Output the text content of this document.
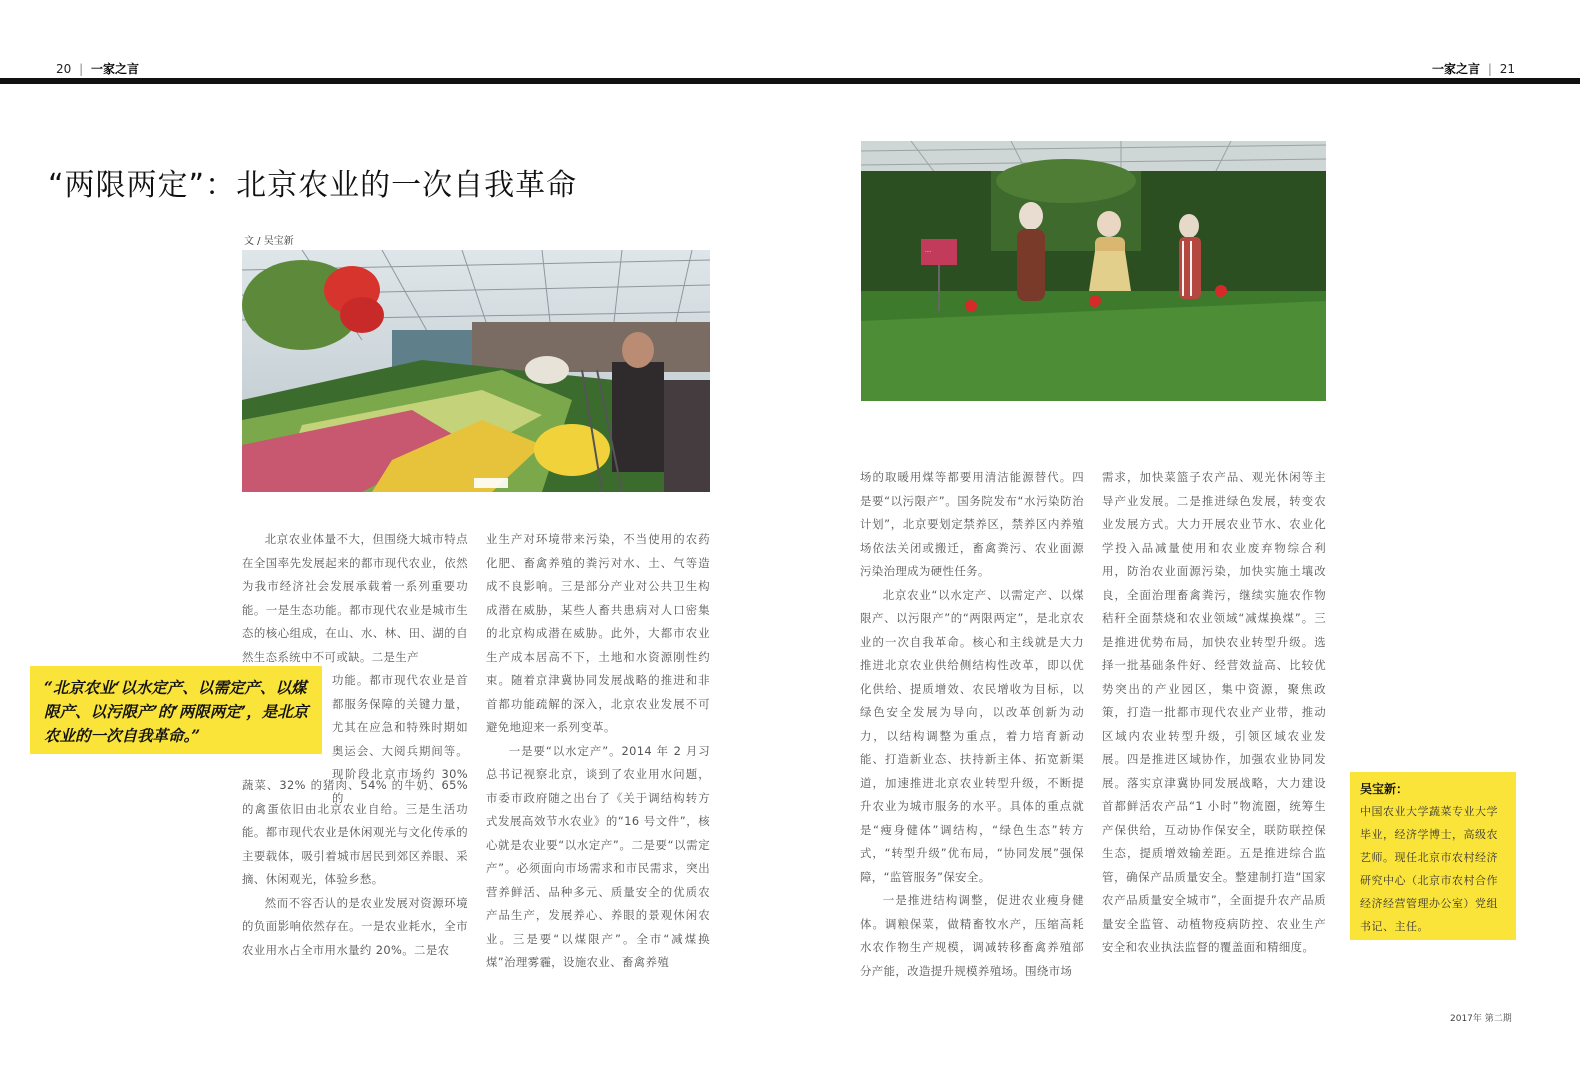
20 | 一家之言	一家之言 | 21
“两限两定”：北京农业的一次自我革命
文 / 吴宝新
····

北京农业体量不大，但围绕大城市特点在全国率先发展起来的都市现代农业，依然为我市经济社会发展承载着一系列重要功能。一是生态功能。都市现代农业是城市生态的核心组成，在山、水、林、田、湖的自然生态系统中不可或缺。二是生产

功能。都市现代农业是首都服务保障的关键力量，尤其在应急和特殊时期如奥运会、大阅兵期间等。现阶段北京市场约 30% 的
蔬菜、32% 的猪肉、54% 的牛奶、65% 的禽蛋依旧由北京农业自给。三是生活功能。都市现代农业是休闲观光与文化传承的主要载体，吸引着城市居民到郊区养眼、采摘、休闲观光，体验乡愁。

然而不容否认的是农业发展对资源环境的负面影响依然存在。一是农业耗水，全市农业用水占全市用水量约 20%。二是农

业生产对环境带来污染，不当使用的农药化肥、畜禽养殖的粪污对水、土、气等造成不良影响。三是部分产业对公共卫生构成潜在威胁，某些人畜共患病对人口密集的北京构成潜在威胁。此外，大都市农业生产成本居高不下，土地和水资源刚性约束。随着京津冀协同发展战略的推进和非首都功能疏解的深入，北京农业发展不可避免地迎来一系列变革。

一是要“以水定产”。2014 年 2 月习总书记视察北京，谈到了农业用水问题，市委市政府随之出台了《关于调结构转方式发展高效节水农业》的“16 号文件”，核心就是农业要“以水定产”。二是要“以需定产”。必须面向市场需求和市民需求，突出营养鲜活、品种多元、质量安全的优质农产品生产，发展养心、养眼的景观休闲农业。三是要“以煤限产”。全市“减煤换煤”治理雾霾，设施农业、畜禽养殖

场的取暖用煤等都要用清洁能源替代。四是要“以污限产”。国务院发布“水污染防治计划”，北京要划定禁养区，禁养区内养殖场依法关闭或搬迁，畜禽粪污、农业面源污染治理成为硬性任务。

北京农业“以水定产、以需定产、以煤限产、以污限产”的“两限两定”，是北京农业的一次自我革命。核心和主线就是大力推进北京农业供给侧结构性改革，即以优化供给、提质增效、农民增收为目标，以绿色安全发展为导向，以改革创新为动力，以结构调整为重点，着力培育新动能、打造新业态、扶持新主体、拓宽新渠道，加速推进北京农业转型升级，不断提升农业为城市服务的水平。具体的重点就是“瘦身健体”调结构，“绿色生态”转方式，“转型升级”优布局，“协同发展”强保障，“监管服务”保安全。

一是推进结构调整，促进农业瘦身健体。调粮保菜，做精畜牧水产，压缩高耗水农作物生产规模，调减转移畜禽养殖部分产能，改造提升规模养殖场。围绕市场

需求，加快菜篮子农产品、观光休闲等主导产业发展。二是推进绿色发展，转变农业发展方式。大力开展农业节水、农业化学投入品减量使用和农业废弃物综合利用，防治农业面源污染，加快实施土壤改良，全面治理畜禽粪污，继续实施农作物秸秆全面禁烧和农业领域“减煤换煤”。三是推进优势布局，加快农业转型升级。选择一批基础条件好、经营效益高、比较优势突出的产业园区，集中资源，聚焦政策，打造一批都市现代农业产业带，推动区域内农业转型升级，引领区域农业发展。四是推进区域协作，加强农业协同发展。落实京津冀协同发展战略，大力建设首都鲜活农产品“1 小时”物流圈，统筹生产保供给，互动协作保安全，联防联控保生态，提质增效输差距。五是推进综合监管，确保产品质量安全。整建制打造“国家农产品质量安全城市”，全面提升农产品质量安全监管、动植物疫病防控、农业生产安全和农业执法监督的覆盖面和精细度。
“北京农业‘以水定产、以需定产、以煤限产、以污限产’的‘两限两定’，是北京农业的一次自我革命。”
吴宝新：
中国农业大学蔬菜专业大学毕业，经济学博士，高级农艺师。现任北京市农村经济研究中心（北京市农村合作经济经营管理办公室）党组书记、主任。
2017年 第二期
